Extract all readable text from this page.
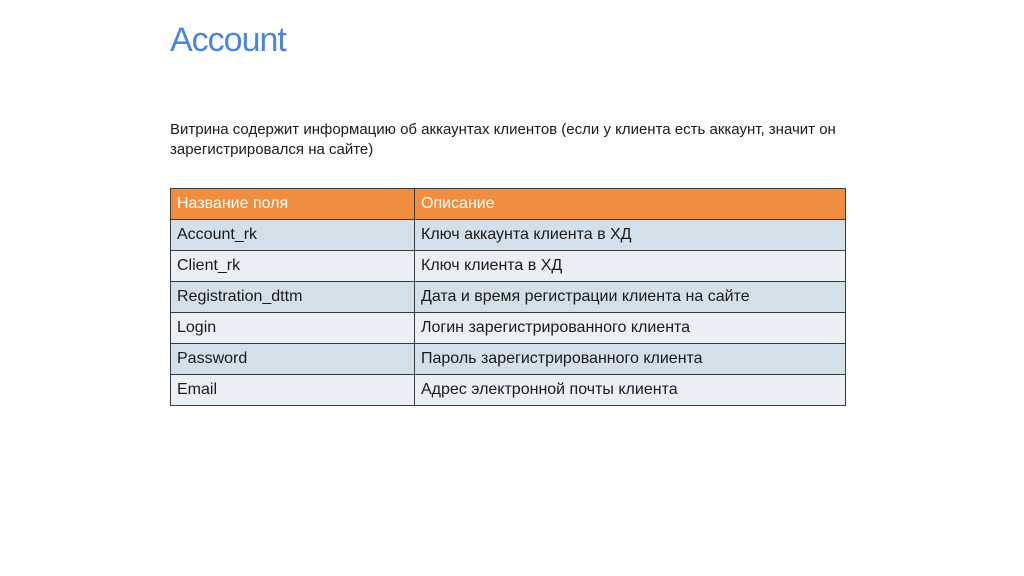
Account
Витрина содержит информацию об аккаунтах клиентов (если у клиента есть аккаунт, значит он зарегистрировался на сайте)
Название поля	Описание
Account_rk	Ключ аккаунта клиента в ХД
Client_rk	Ключ клиента в ХД
Registration_dttm	Дата и время регистрации клиента на сайте
Login	Логин зарегистрированного клиента
Password	Пароль зарегистрированного клиента
Email	Адрес электронной почты клиента
